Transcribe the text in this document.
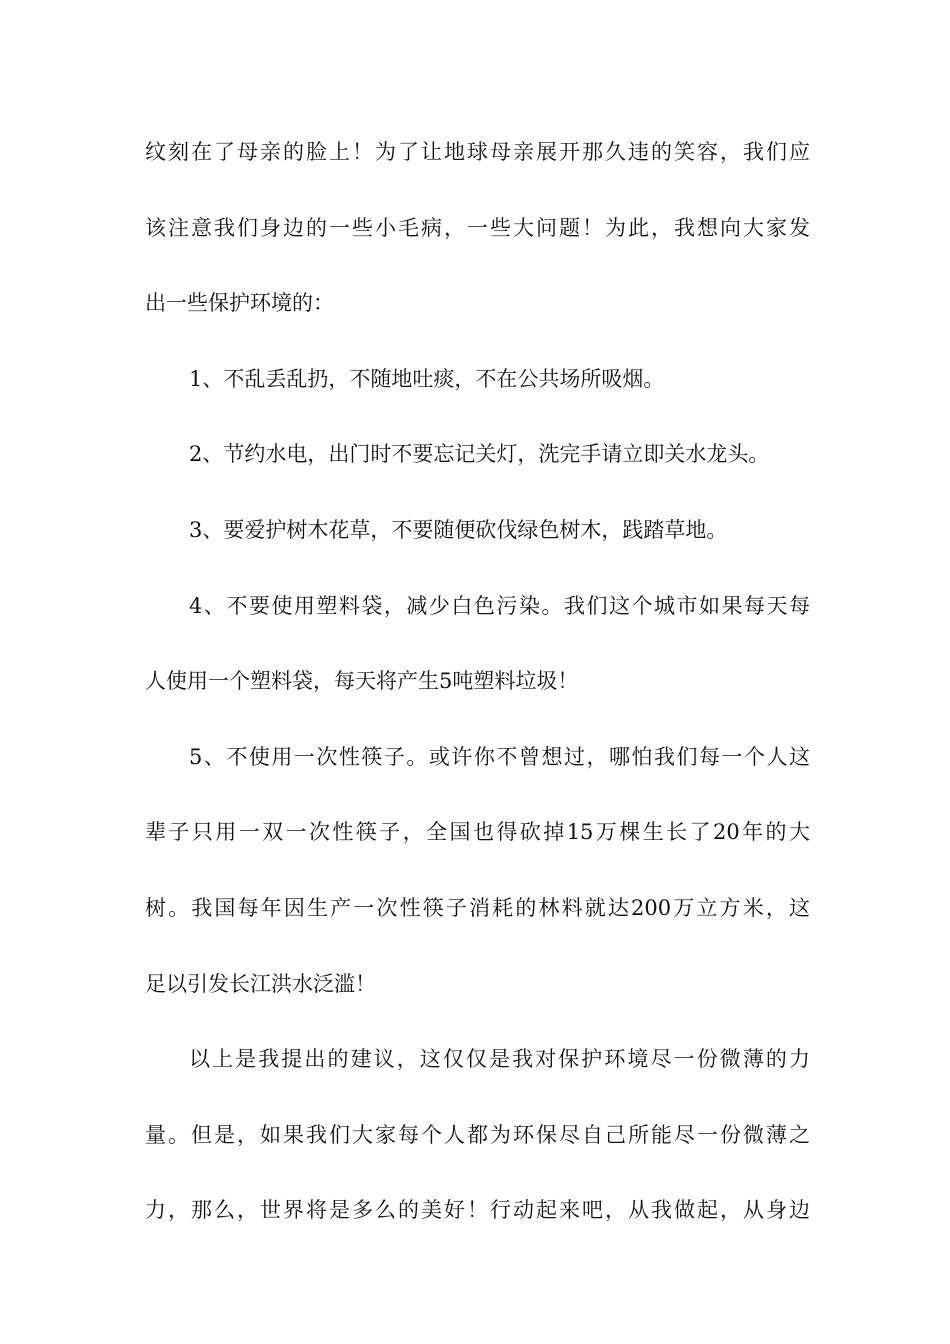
纹刻在了母亲的脸上！为了让地球母亲展开那久违的笑容，我们应
该注意我们身边的一些小毛病，一些大问题！为此，我想向大家发
出一些保护环境的：
1、不乱丢乱扔，不随地吐痰，不在公共场所吸烟。
2、节约水电，出门时不要忘记关灯，洗完手请立即关水龙头。
3、要爱护树木花草，不要随便砍伐绿色树木，践踏草地。
4、不要使用塑料袋，减少白色污染。我们这个城市如果每天每
人使用一个塑料袋，每天将产生5吨塑料垃圾！
5、不使用一次性筷子。或许你不曾想过，哪怕我们每一个人这
辈子只用一双一次性筷子，全国也得砍掉15万棵生长了20年的大
树。我国每年因生产一次性筷子消耗的林料就达200万立方米，这
足以引发长江洪水泛滥！
以上是我提出的建议，这仅仅是我对保护环境尽一份微薄的力
量。但是，如果我们大家每个人都为环保尽自己所能尽一份微薄之
力，那么，世界将是多么的美好！行动起来吧，从我做起，从身边
